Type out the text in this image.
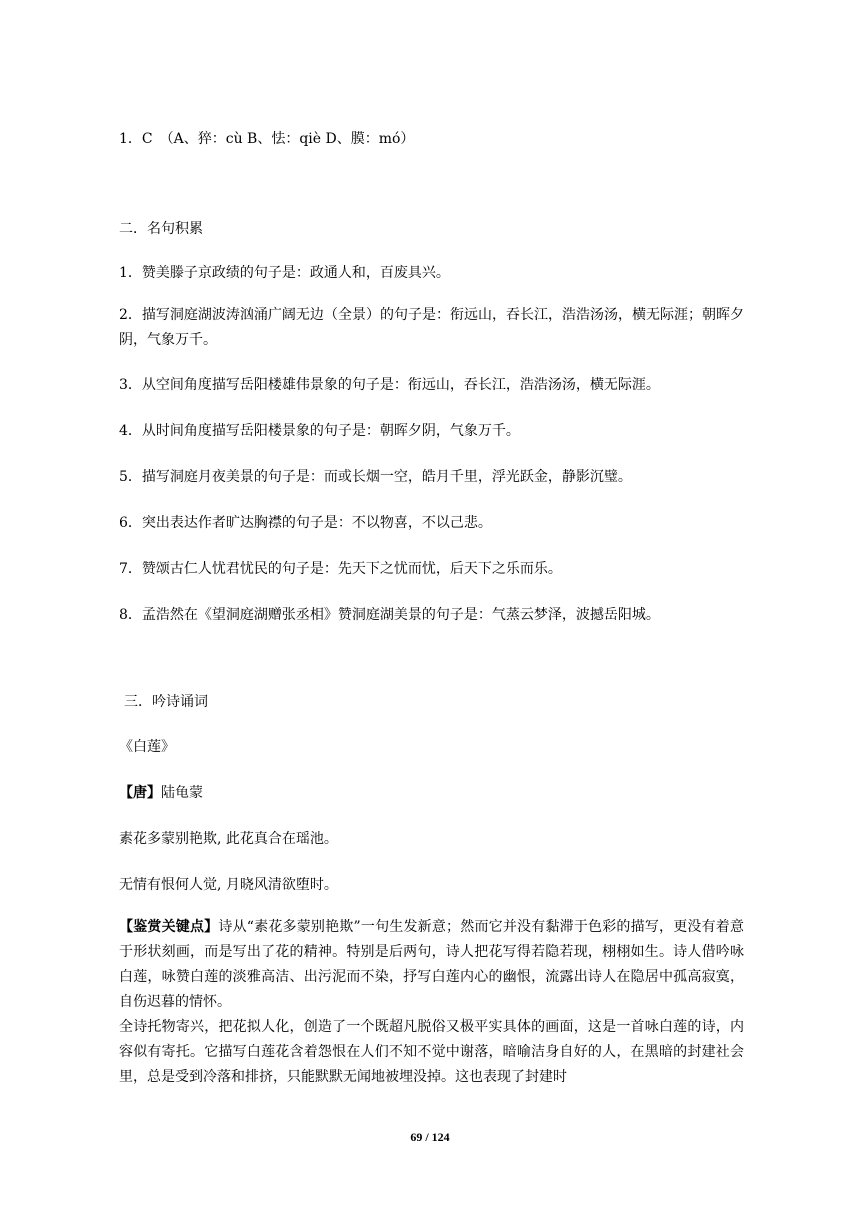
1．C　（A、猝：cù B、怯：qiè D、膜：mó）

二．名句积累

1．赞美滕子京政绩的句子是：政通人和，百废具兴。

2．描写洞庭湖波涛汹涌广阔无边（全景）的句子是：衔远山，吞长江，浩浩汤汤，横无际涯；朝晖夕阴，气象万千。

3．从空间角度描写岳阳楼雄伟景象的句子是：衔远山，吞长江，浩浩汤汤，横无际涯。

4．从时间角度描写岳阳楼景象的句子是：朝晖夕阴，气象万千。

5．描写洞庭月夜美景的句子是：而或长烟一空，皓月千里，浮光跃金，静影沉璧。

6．突出表达作者旷达胸襟的句子是：不以物喜，不以己悲。

7．赞颂古仁人忧君忧民的句子是：先天下之忧而忧，后天下之乐而乐。

8．孟浩然在《望洞庭湖赠张丞相》赞洞庭湖美景的句子是：气蒸云梦泽，波撼岳阳城。

三．吟诗诵词

《白莲》

【唐】陆龟蒙

素花多蒙别艳欺, 此花真合在瑶池。

无情有恨何人觉, 月晓风清欲堕时。

【鉴赏关键点】诗从“素花多蒙别艳欺”一句生发新意；然而它并没有黏滞于色彩的描写，更没有着意于形状刻画，而是写出了花的精神。特别是后两句，诗人把花写得若隐若现，栩栩如生。诗人借吟咏白莲，咏赞白莲的淡雅高洁、出污泥而不染，抒写白莲内心的幽恨，流露出诗人在隐居中孤高寂寞，自伤迟暮的情怀。

全诗托物寄兴，把花拟人化，创造了一个既超凡脱俗又极平实具体的画面，这是一首咏白莲的诗，内容似有寄托。它描写白莲花含着怨恨在人们不知不觉中谢落，暗喻洁身自好的人，在黑暗的封建社会里，总是受到冷落和排挤，只能默默无闻地被埋没掉。这也表现了封建时

69 / 124
